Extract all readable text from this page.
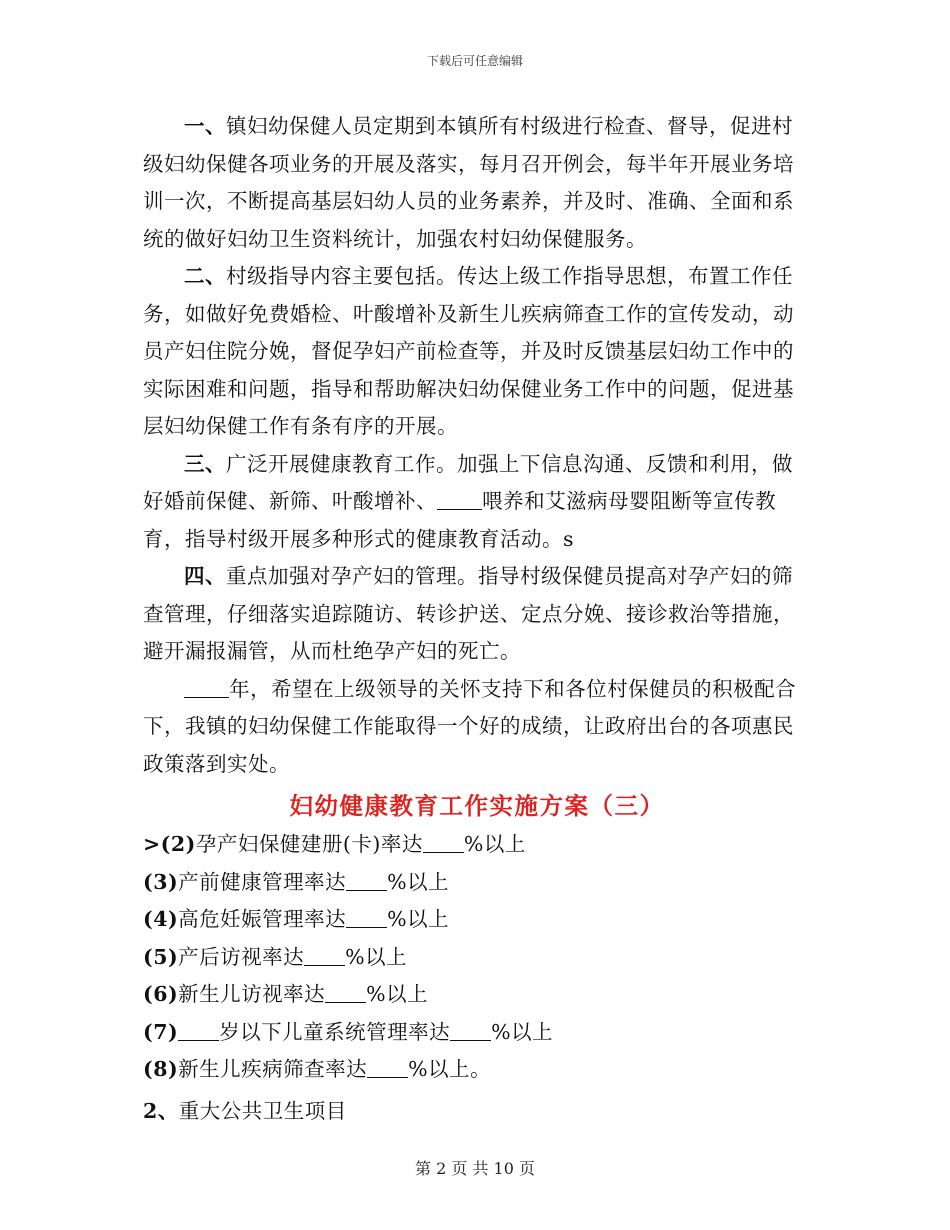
下载后可任意编辑

一、镇妇幼保健人员定期到本镇所有村级进行检查、督导，促进村级妇幼保健各项业务的开展及落实，每月召开例会，每半年开展业务培训一次，不断提高基层妇幼人员的业务素养，并及时、准确、全面和系统的做好妇幼卫生资料统计，加强农村妇幼保健服务。

二、村级指导内容主要包括。传达上级工作指导思想，布置工作任务，如做好免费婚检、叶酸增补及新生儿疾病筛查工作的宣传发动，动员产妇住院分娩，督促孕妇产前检查等，并及时反馈基层妇幼工作中的实际困难和问题，指导和帮助解决妇幼保健业务工作中的问题，促进基层妇幼保健工作有条有序的开展。

三、广泛开展健康教育工作。加强上下信息沟通、反馈和利用，做好婚前保健、新筛、叶酸增补、 喂养和艾滋病母婴阻断等宣传教育，指导村级开展多种形式的健康教育活动。s

四、重点加强对孕产妇的管理。指导村级保健员提高对孕产妇的筛查管理，仔细落实追踪随访、转诊护送、定点分娩、接诊救治等措施，避开漏报漏管，从而杜绝孕产妇的死亡。

年，希望在上级领导的关怀支持下和各位村保健员的积极配合下，我镇的妇幼保健工作能取得一个好的成绩，让政府出台的各项惠民政策落到实处。

妇幼健康教育工作实施方案（三）

>(2)孕产妇保健建册(卡)率达 %以上

(3)产前健康管理率达 %以上

(4)高危妊娠管理率达 %以上

(5)产后访视率达 %以上

(6)新生儿访视率达 %以上

(7) 岁以下儿童系统管理率达 %以上

(8)新生儿疾病筛查率达 %以上。

2、重大公共卫生项目

第 2 页 共 10 页
